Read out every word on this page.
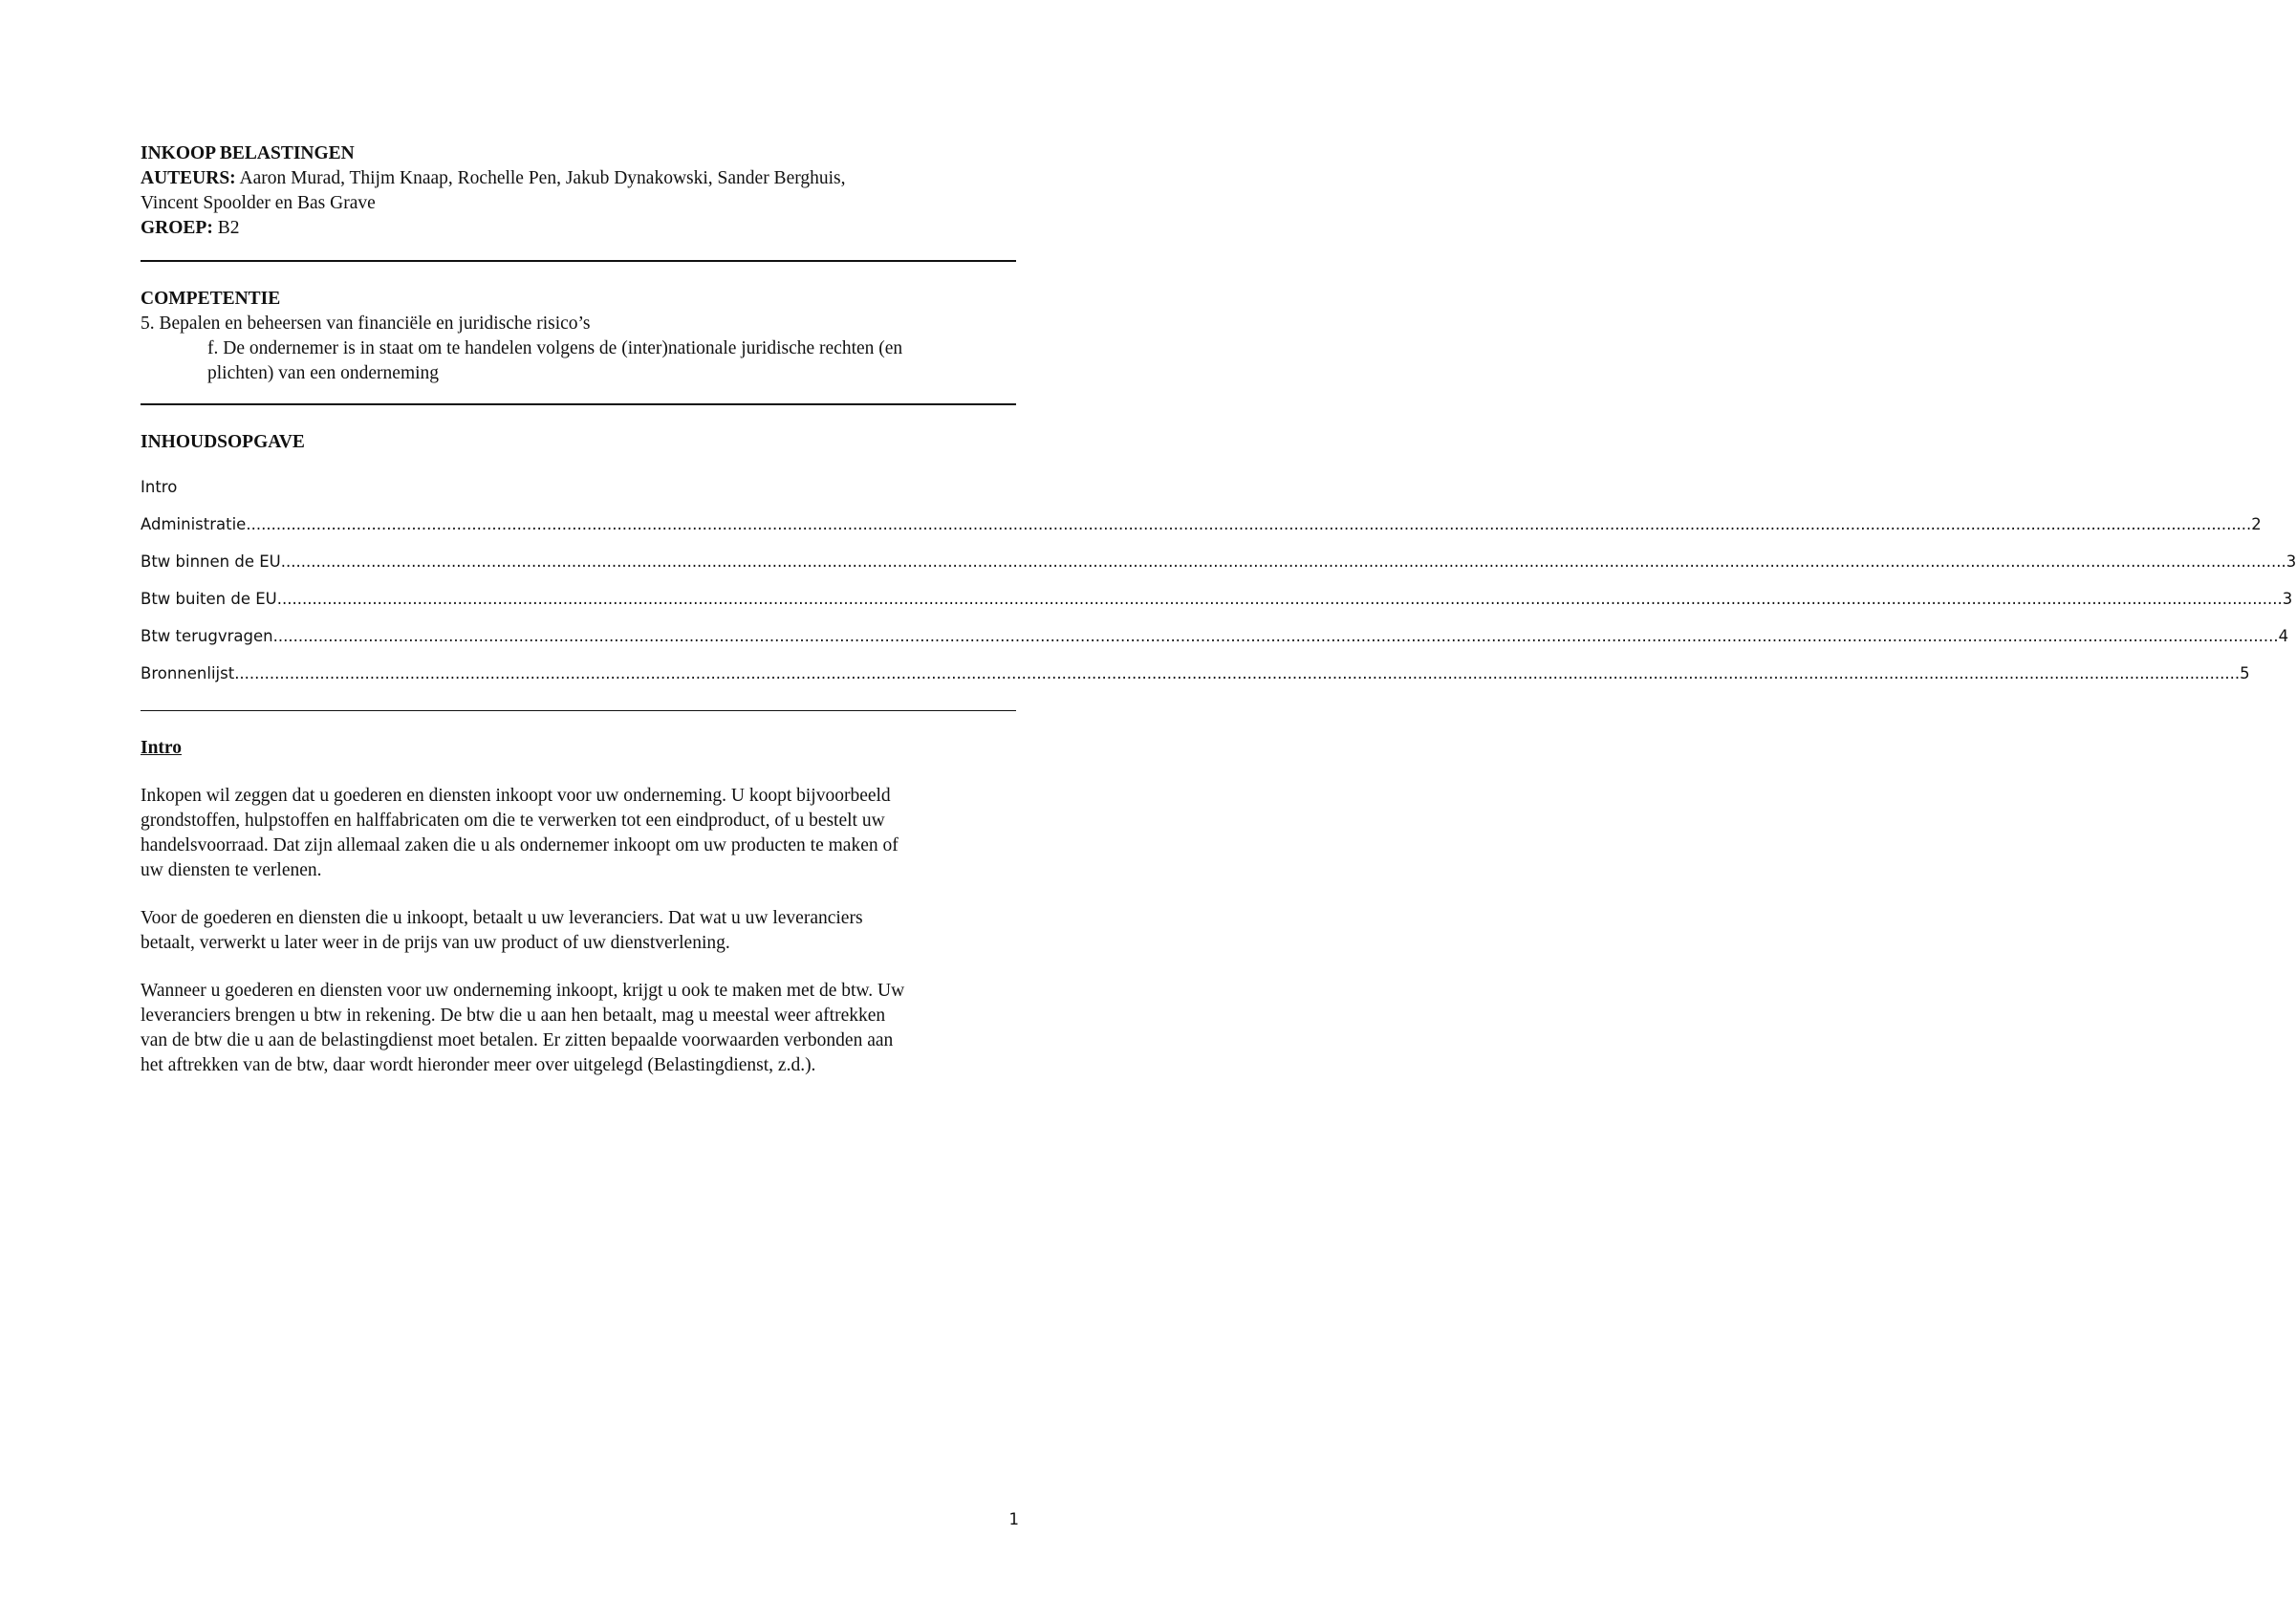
INKOOP BELASTINGEN
AUTEURS: Aaron Murad, Thijm Knaap, Rochelle Pen, Jakub Dynakowski, Sander Berghuis,
Vincent Spoolder en Bas Grave
GROEP: B2
COMPETENTIE
5. Bepalen en beheersen van financiële en juridische risico’s
f. De ondernemer is in staat om te handelen volgens de (inter)nationale juridische rechten (en
plichten) van een onderneming
INHOUDSOPGAVE
Intro
Administratie ................................................................................................................................................................................................................................................................................................................................................................................................................ 2
Btw binnen de EU ................................................................................................................................................................................................................................................................................................................................................................................................................ 3
Btw buiten de EU ................................................................................................................................................................................................................................................................................................................................................................................................................ 3
Btw terugvragen ................................................................................................................................................................................................................................................................................................................................................................................................................ 4
Bronnenlijst ................................................................................................................................................................................................................................................................................................................................................................................................................ 5
Intro
Inkopen wil zeggen dat u goederen en diensten inkoopt voor uw onderneming. U koopt bijvoorbeeld
grondstoffen, hulpstoffen en halffabricaten om die te verwerken tot een eindproduct, of u bestelt uw
handelsvoorraad. Dat zijn allemaal zaken die u als ondernemer inkoopt om uw producten te maken of
uw diensten te verlenen.
Voor de goederen en diensten die u inkoopt, betaalt u uw leveranciers. Dat wat u uw leveranciers
betaalt, verwerkt u later weer in de prijs van uw product of uw dienstverlening.
Wanneer u goederen en diensten voor uw onderneming inkoopt, krijgt u ook te maken met de btw. Uw
leveranciers brengen u btw in rekening. De btw die u aan hen betaalt, mag u meestal weer aftrekken
van de btw die u aan de belastingdienst moet betalen. Er zitten bepaalde voorwaarden verbonden aan
het aftrekken van de btw, daar wordt hieronder meer over uitgelegd (Belastingdienst, z.d.).
1
